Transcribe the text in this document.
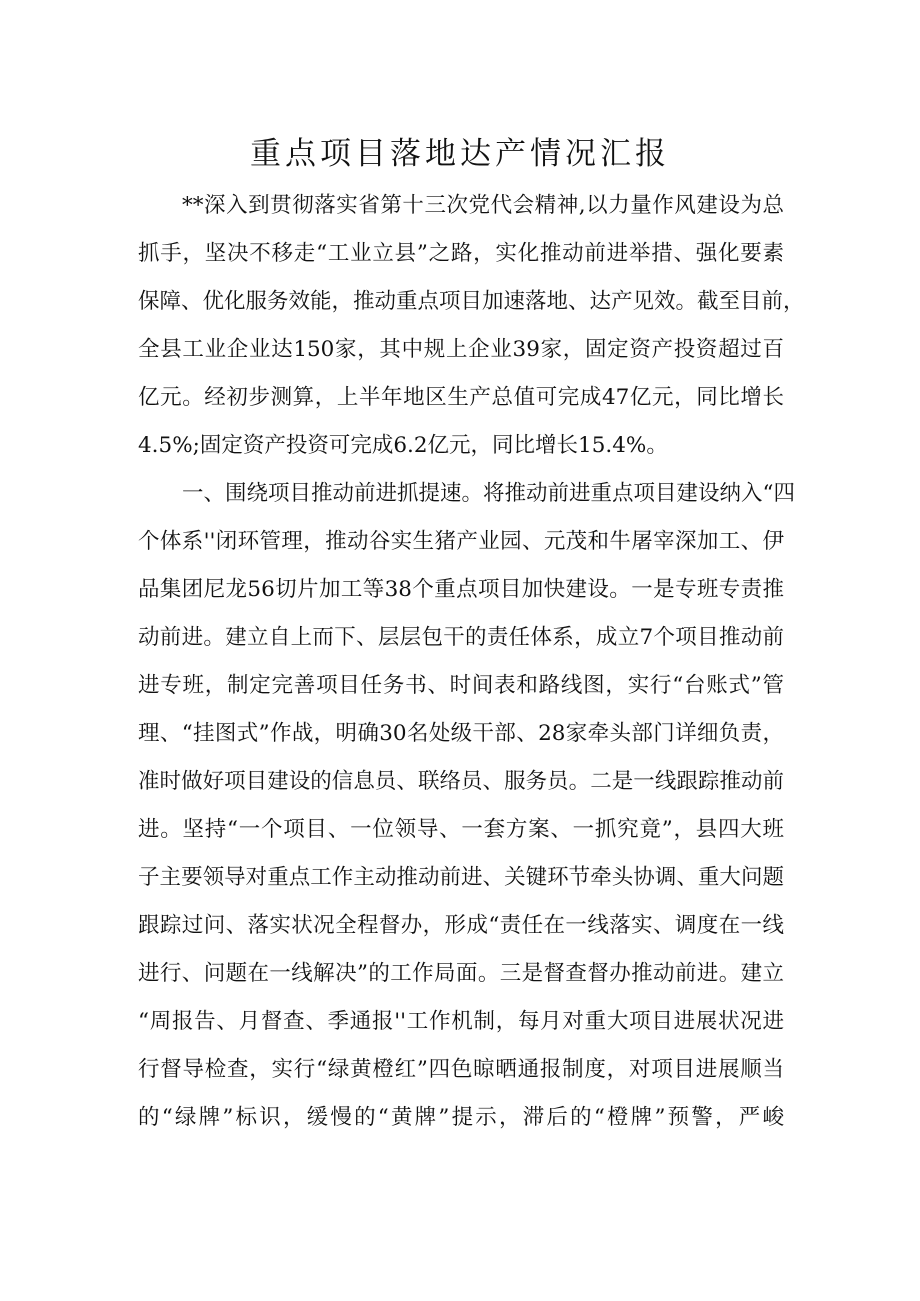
重点项目落地达产情况汇报
**深入到贯彻落实省第十三次党代会精神,以力量作风建设为总
抓手，坚决不移走“工业立县”之路，实化推动前进举措、强化要素
保障、优化服务效能，推动重点项目加速落地、达产见效。截至目前，
全县工业企业达150家，其中规上企业39家，固定资产投资超过百
亿元。经初步测算，上半年地区生产总值可完成47亿元，同比增长
4.5%;固定资产投资可完成6.2亿元，同比增长15.4%。
一、围绕项目推动前进抓提速。将推动前进重点项目建设纳入“四
个体系''闭环管理，推动谷实生猪产业园、元茂和牛屠宰深加工、伊
品集团尼龙56切片加工等38个重点项目加快建设。一是专班专责推
动前进。建立自上而下、层层包干的责任体系，成立7个项目推动前
进专班，制定完善项目任务书、时间表和路线图，实行“台账式”管
理、“挂图式”作战，明确30名处级干部、28家牵头部门详细负责，
准时做好项目建设的信息员、联络员、服务员。二是一线跟踪推动前
进。坚持“一个项目、一位领导、一套方案、一抓究竟”，县四大班
子主要领导对重点工作主动推动前进、关键环节牵头协调、重大问题
跟踪过问、落实状况全程督办，形成“责任在一线落实、调度在一线
进行、问题在一线解决”的工作局面。三是督查督办推动前进。建立
“周报告、月督查、季通报''工作机制，每月对重大项目进展状况进
行督导检查，实行“绿黄橙红”四色晾晒通报制度，对项目进展顺当
的“绿牌”标识，缓慢的“黄牌”提示，滞后的“橙牌”预警，严峻
